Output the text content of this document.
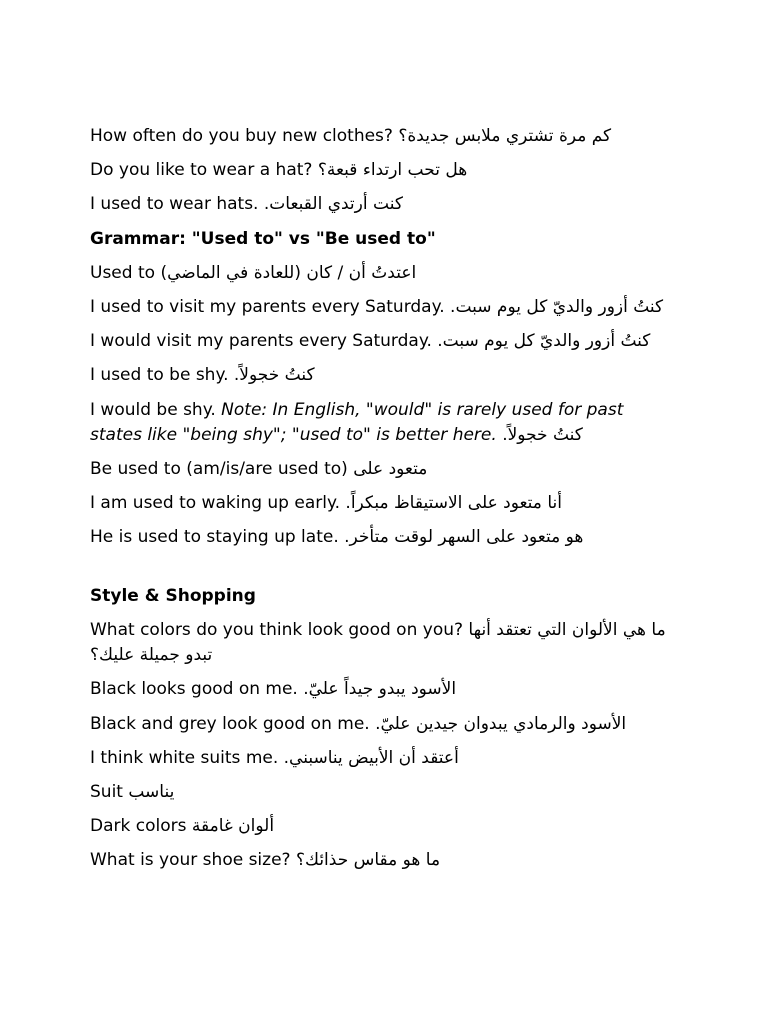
How often do you buy new clothes? كم مرة تشتري ملابس جديدة؟
Do you like to wear a hat? هل تحب ارتداء قبعة؟
I used to wear hats. كنت أرتدي القبعات.
Grammar: "Used to" vs "Be used to"
Used to اعتدتُ أن / كان (للعادة في الماضي)
I used to visit my parents every Saturday. كنتُ أزور والديّ كل يوم سبت.
I would visit my parents every Saturday. كنتُ أزور والديّ كل يوم سبت.
I used to be shy. كنتُ خجولاً.
I would be shy. Note: In English, "would" is rarely used for past states like "being shy"; "used to" is better here. كنتُ خجولاً.
Be used to (am/is/are used to) متعود على
I am used to waking up early. أنا متعود على الاستيقاظ مبكراً.
He is used to staying up late. هو متعود على السهر لوقت متأخر.
Style & Shopping
What colors do you think look good on you? ما هي الألوان التي تعتقد أنها تبدو جميلة عليك؟
Black looks good on me. الأسود يبدو جيداً عليّ.
Black and grey look good on me. الأسود والرمادي يبدوان جيدين عليّ.
I think white suits me. أعتقد أن الأبيض يناسبني.
Suit يناسب
Dark colors ألوان غامقة
What is your shoe size? ما هو مقاس حذائك؟
